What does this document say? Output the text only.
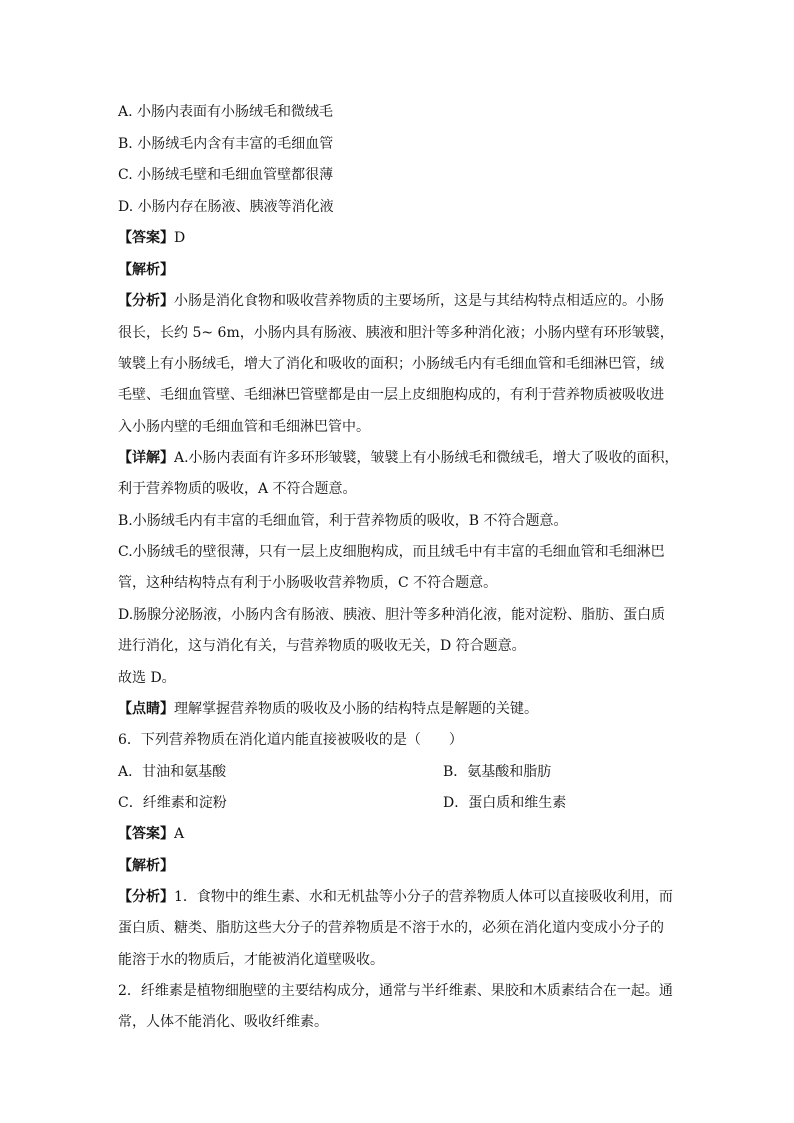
A. 小肠内表面有小肠绒毛和微绒毛
B. 小肠绒毛内含有丰富的毛细血管
C. 小肠绒毛壁和毛细血管壁都很薄
D. 小肠内存在肠液、胰液等消化液
【答案】D
【解析】
【分析】小肠是消化食物和吸收营养物质的主要场所，这是与其结构特点相适应的。小肠
很长，长约 5~ 6m，小肠内具有肠液、胰液和胆汁等多种消化液；小肠内壁有环形皱襞，
皱襞上有小肠绒毛，增大了消化和吸收的面积；小肠绒毛内有毛细血管和毛细淋巴管，绒
毛壁、毛细血管壁、毛细淋巴管壁都是由一层上皮细胞构成的，有利于营养物质被吸收进
入小肠内壁的毛细血管和毛细淋巴管中。
【详解】A.小肠内表面有许多环形皱襞，皱襞上有小肠绒毛和微绒毛，增大了吸收的面积，
利于营养物质的吸收，A 不符合题意。
B.小肠绒毛内有丰富的毛细血管，利于营养物质的吸收，B 不符合题意。
C.小肠绒毛的壁很薄，只有一层上皮细胞构成，而且绒毛中有丰富的毛细血管和毛细淋巴
管，这种结构特点有利于小肠吸收营养物质，C 不符合题意。
D.肠腺分泌肠液，小肠内含有肠液、胰液、胆汁等多种消化液，能对淀粉、脂肪、蛋白质
进行消化，这与消化有关，与营养物质的吸收无关，D 符合题意。
故选 D。
【点睛】理解掌握营养物质的吸收及小肠的结构特点是解题的关键。
6．下列营养物质在消化道内能直接被吸收的是（　　）
A．甘油和氨基酸	B．氨基酸和脂肪
C．纤维素和淀粉	D．蛋白质和维生素
【答案】A
【解析】
【分析】1．食物中的维生素、水和无机盐等小分子的营养物质人体可以直接吸收利用，而
蛋白质、糖类、脂肪这些大分子的营养物质是不溶于水的，必须在消化道内变成小分子的
能溶于水的物质后，才能被消化道壁吸收。
2．纤维素是植物细胞壁的主要结构成分，通常与半纤维素、果胶和木质素结合在一起。通
常，人体不能消化、吸收纤维素。
